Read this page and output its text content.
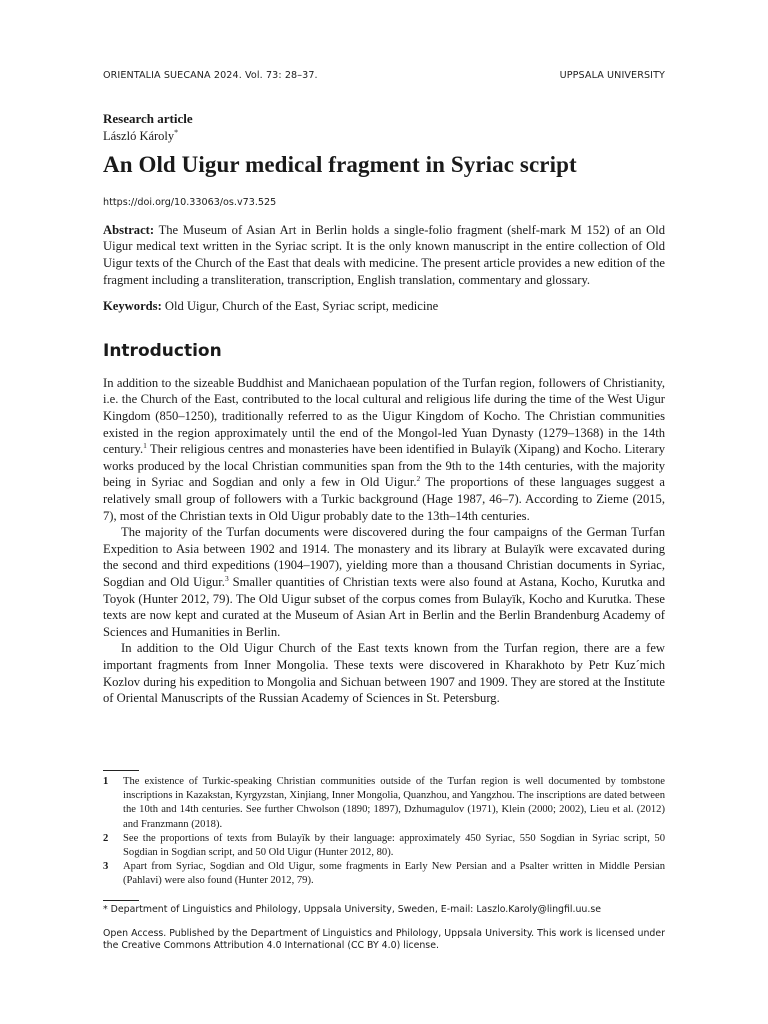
ORIENTALIA SUECANA 2024. Vol. 73: 28–37.	UPPSALA UNIVERSITY
Research article
László Károly*
An Old Uigur medical fragment in Syriac script
https://doi.org/10.33063/os.v73.525
Abstract: The Museum of Asian Art in Berlin holds a single-folio fragment (shelf-mark M 152) of an Old Uigur medical text written in the Syriac script. It is the only known manuscript in the entire collection of Old Uigur texts of the Church of the East that deals with medicine. The present article provides a new edition of the fragment including a transliteration, transcription, English translation, commentary and glossary.
Keywords: Old Uigur, Church of the East, Syriac script, medicine
Introduction

In addition to the sizeable Buddhist and Manichaean population of the Turfan region, followers of Christianity, i.e. the Church of the East, contributed to the local cultural and religious life during the time of the West Uigur Kingdom (850–1250), traditionally referred to as the Uigur Kingdom of Kocho. The Christian communities existed in the region approximately until the end of the Mongol-led Yuan Dynasty (1279–1368) in the 14th century.$^1$ Their religious centres and monasteries have been identified in Bulayïk (Xipang) and Kocho. Literary works produced by the local Christian communities span from the 9th to the 14th centuries, with the majority being in Syriac and Sogdian and only a few in Old Uigur.$^2$ The proportions of these languages suggest a relatively small group of followers with a Turkic background (Hage 1987, 46–7). According to Zieme (2015, 7), most of the Christian texts in Old Uigur probably date to the 13th–14th centuries.

The majority of the Turfan documents were discovered during the four campaigns of the German Turfan Expedition to Asia between 1902 and 1914. The monastery and its library at Bulayïk were excavated during the second and third expeditions (1904–1907), yielding more than a thousand Christian documents in Syriac, Sogdian and Old Uigur.$^3$ Smaller quantities of Christian texts were also found at Astana, Kocho, Kurutka and Toyok (Hunter 2012, 79). The Old Uigur subset of the corpus comes from Bulayïk, Kocho and Kurutka. These texts are now kept and curated at the Museum of Asian Art in Berlin and the Berlin Brandenburg Academy of Sciences and Humanities in Berlin.

In addition to the Old Uigur Church of the East texts known from the Turfan region, there are a few important fragments from Inner Mongolia. These texts were discovered in Kharakhoto by Petr Kuz´mich Kozlov during his expedition to Mongolia and Sichuan between 1907 and 1909. They are stored at the Institute of Oriental Manuscripts of the Russian Academy of Sciences in St. Petersburg.

1	The existence of Turkic-speaking Christian communities outside of the Turfan region is well documented by tombstone inscriptions in Kazakstan, Kyrgyzstan, Xinjiang, Inner Mongolia, Quanzhou, and Yangzhou. The inscriptions are dated between the 10th and 14th centuries. See further Chwolson (1890; 1897), Dzhumagulov (1971), Klein (2000; 2002), Lieu et al. (2012) and Franzmann (2018).
2	See the proportions of texts from Bulayïk by their language: approximately 450 Syriac, 550 Sogdian in Syriac script, 50 Sogdian in Sogdian script, and 50 Old Uigur (Hunter 2012, 80).
3	Apart from Syriac, Sogdian and Old Uigur, some fragments in Early New Persian and a Psalter written in Middle Persian (Pahlavi) were also found (Hunter 2012, 79).
* Department of Linguistics and Philology, Uppsala University, Sweden, E-mail: Laszlo.Karoly@lingfil.uu.se
Open Access. Published by the Department of Linguistics and Philology, Uppsala University. This work is licensed under the Creative Commons Attribution 4.0 International (CC BY 4.0) license.
